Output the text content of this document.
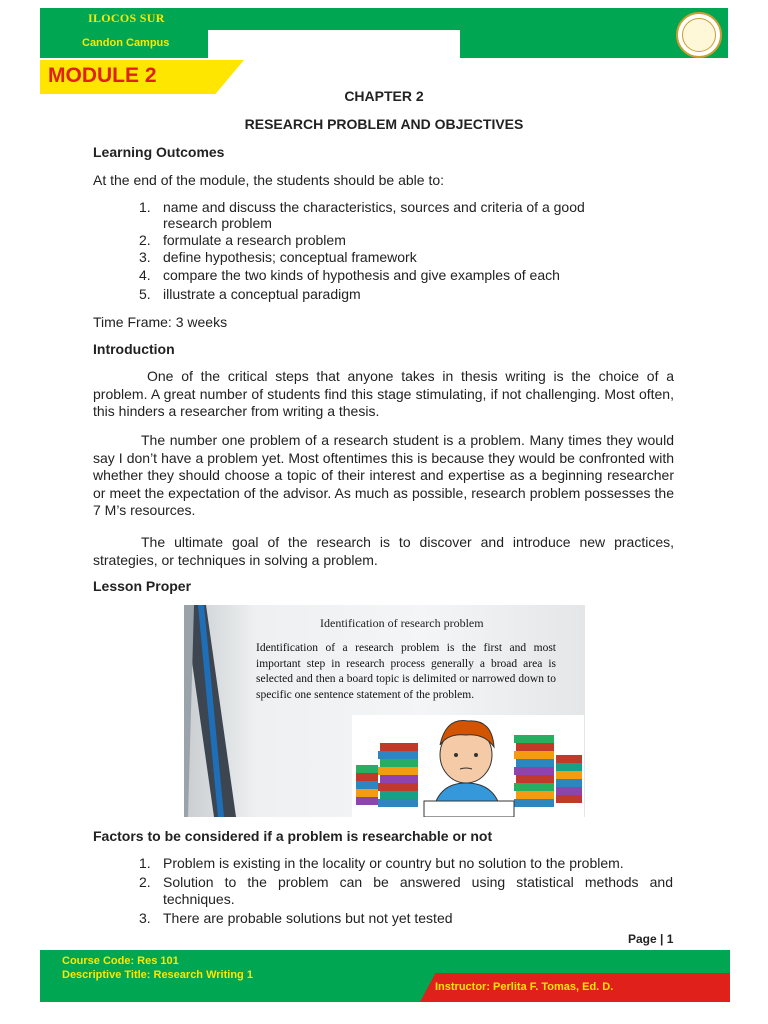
ILOCOS SUR
Candon Campus
MODULE 2
CHAPTER 2
RESEARCH PROBLEM AND OBJECTIVES
Learning Outcomes
At the end of the module, the students should be able to:
1. name and discuss the characteristics, sources and criteria of a good
research problem
2. formulate a research problem
3. define hypothesis; conceptual framework
4. compare the two kinds of hypothesis and give examples of each
5. illustrate a conceptual paradigm
Time Frame: 3 weeks
Introduction
One of the critical steps that anyone takes in thesis writing is the choice of a problem. A great number of students find this stage stimulating, if not challenging. Most often, this hinders a researcher from writing a thesis.
The number one problem of a research student is a problem. Many times they would say I don’t have a problem yet. Most oftentimes this is because they would be confronted with whether they should choose a topic of their interest and expertise as a beginning researcher or meet the expectation of the advisor. As much as possible, research problem possesses the 7 M’s resources.
The ultimate goal of the research is to discover and introduce new practices, strategies, or techniques in solving a problem.
Lesson Proper
Identification of research problem
Identification of a research problem is the first and most important step in research process generally a broad area is selected and then a board topic is delimited or narrowed down to specific one sentence statement of the problem.
Factors to be considered if a problem is researchable or not
1. Problem is existing in the locality or country but no solution to the problem.
2. Solution to the problem can be answered using statistical methods and techniques.
3. There are probable solutions but not yet tested
Page | 1
Course Code: Res 101
Descriptive Title: Research Writing 1
Instructor: Perlita F. Tomas, Ed. D.
